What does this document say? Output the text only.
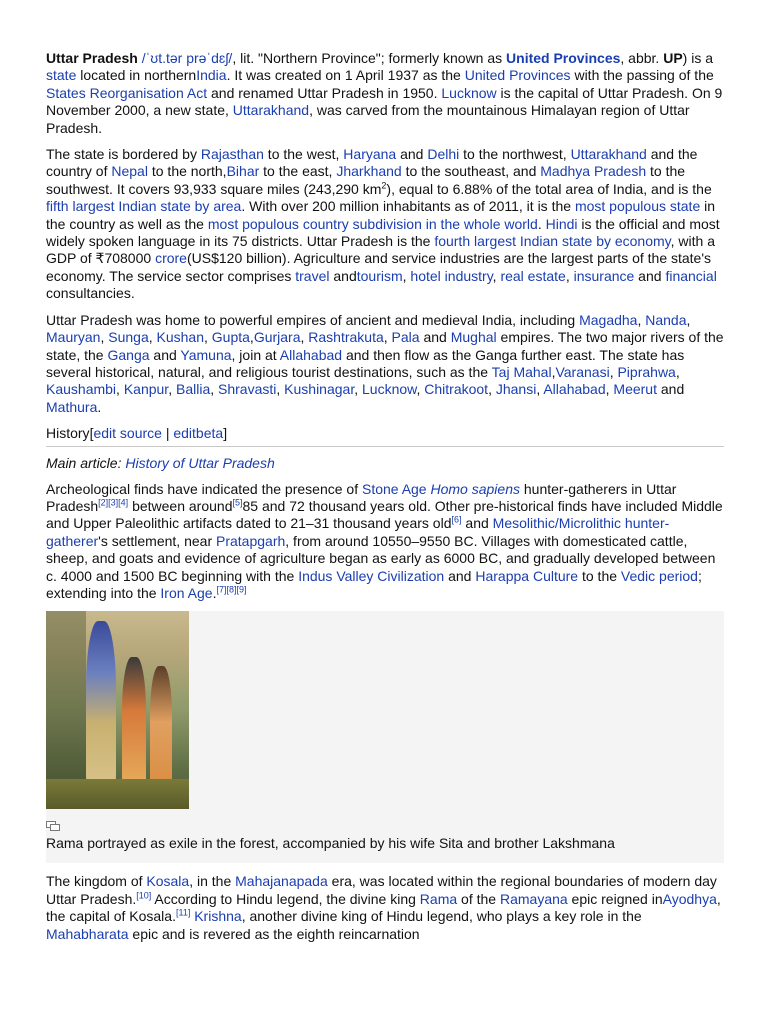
Uttar Pradesh /ˈʊt.tər prəˈdɛʃ/, lit. "Northern Province"; formerly known as United Provinces, abbr. UP) is a state located in northernIndia. It was created on 1 April 1937 as the United Provinces with the passing of the States Reorganisation Act and renamed Uttar Pradesh in 1950. Lucknow is the capital of Uttar Pradesh. On 9 November 2000, a new state, Uttarakhand, was carved from the mountainous Himalayan region of Uttar Pradesh.

The state is bordered by Rajasthan to the west, Haryana and Delhi to the northwest, Uttarakhand and the country of Nepal to the north,Bihar to the east, Jharkhand to the southeast, and Madhya Pradesh to the southwest. It covers 93,933 square miles (243,290 $km^2$), equal to 6.88% of the total area of India, and is the fifth largest Indian state by area. With over 200 million inhabitants as of 2011, it is the most populous state in the country as well as the most populous country subdivision in the whole world. Hindi is the official and most widely spoken language in its 75 districts. Uttar Pradesh is the fourth largest Indian state by economy, with a GDP of ₹708000 crore(US$120 billion). Agriculture and service industries are the largest parts of the state's economy. The service sector comprises travel andtourism, hotel industry, real estate, insurance and financial consultancies.

Uttar Pradesh was home to powerful empires of ancient and medieval India, including Magadha, Nanda, Mauryan, Sunga, Kushan, Gupta,Gurjara, Rashtrakuta, Pala and Mughal empires. The two major rivers of the state, the Ganga and Yamuna, join at Allahabad and then flow as the Ganga further east. The state has several historical, natural, and religious tourist destinations, such as the Taj Mahal,Varanasi, Piprahwa, Kaushambi, Kanpur, Ballia, Shravasti, Kushinagar, Lucknow, Chitrakoot, Jhansi, Allahabad, Meerut and Mathura.

History[edit source | editbeta]

Main article: History of Uttar Pradesh

Archeological finds have indicated the presence of Stone Age Homo sapiens hunter-gatherers in Uttar Pradesh[2][3][4] between around[5]85 and 72 thousand years old. Other pre-historical finds have included Middle and Upper Paleolithic artifacts dated to 21–31 thousand years old[6] and Mesolithic/Microlithic hunter-gatherer's settlement, near Pratapgarh, from around 10550–9550 BC. Villages with domesticated cattle, sheep, and goats and evidence of agriculture began as early as 6000 BC, and gradually developed between c. 4000 and 1500 BC beginning with the Indus Valley Civilization and Harappa Culture to the Vedic period; extending into the Iron Age.[7][8][9]

Rama portrayed as exile in the forest, accompanied by his wife Sita and brother Lakshmana

The kingdom of Kosala, in the Mahajanapada era, was located within the regional boundaries of modern day Uttar Pradesh.[10] According to Hindu legend, the divine king Rama of the Ramayana epic reigned inAyodhya, the capital of Kosala.[11] Krishna, another divine king of Hindu legend, who plays a key role in the Mahabharata epic and is revered as the eighth reincarnation
